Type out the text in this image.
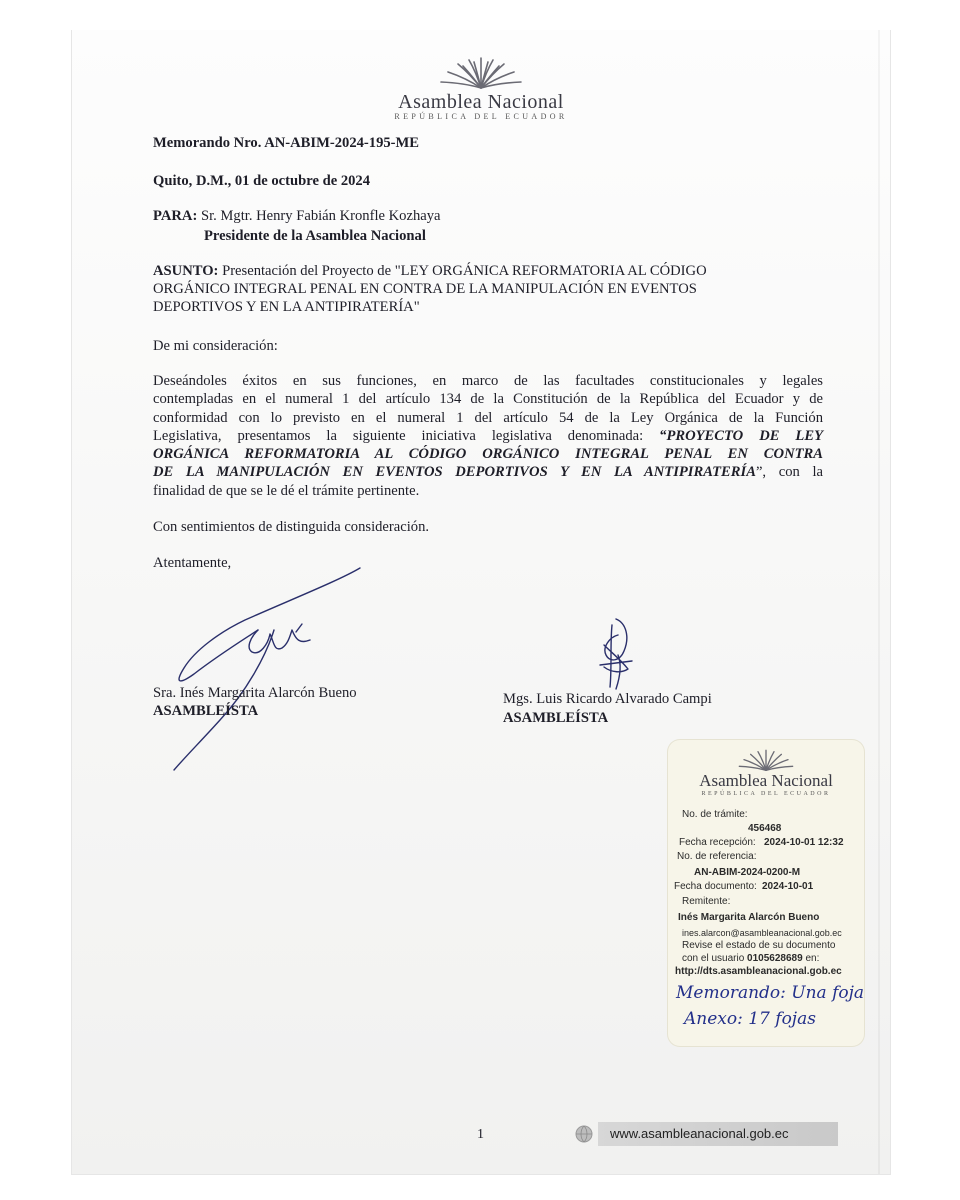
Asamblea Nacional
REPÚBLICA DEL ECUADOR
Memorando Nro. AN-ABIM-2024-195-ME
Quito, D.M., 01 de octubre de 2024
PARA: Sr. Mgtr. Henry Fabián Kronfle Kozhaya
Presidente de la Asamblea Nacional
ASUNTO: Presentación del Proyecto de "LEY ORGÁNICA REFORMATORIA AL CÓDIGO
ORGÁNICO INTEGRAL PENAL EN CONTRA DE LA MANIPULACIÓN EN EVENTOS
DEPORTIVOS Y EN LA ANTIPIRATERÍA"
De mi consideración:
Deseándoles éxitos en sus funciones, en marco de las facultades constitucionales y legales
contempladas en el numeral 1 del artículo 134 de la Constitución de la República del Ecuador y de
conformidad con lo previsto en el numeral 1 del artículo 54 de la Ley Orgánica de la Función
Legislativa, presentamos la siguiente iniciativa legislativa denominada: “PROYECTO DE LEY
ORGÁNICA REFORMATORIA AL CÓDIGO ORGÁNICO INTEGRAL PENAL EN CONTRA
DE LA MANIPULACIÓN EN EVENTOS DEPORTIVOS Y EN LA ANTIPIRATERÍA”, con la
finalidad de que se le dé el trámite pertinente.
Con sentimientos de distinguida consideración.
Atentamente,
Sra. Inés Margarita Alarcón Bueno
ASAMBLEÍSTA
Mgs. Luis Ricardo Alvarado Campi
ASAMBLEÍSTA
Asamblea Nacional
REPÚBLICA DEL ECUADOR
No. de trámite:
456468
Fecha recepción: 2024-10-01 12:32
No. de referencia:
AN-ABIM-2024-0200-M
Fecha documento: 2024-10-01
Remitente:
Inés Margarita Alarcón Bueno
ines.alarcon@asambleanacional.gob.ec
Revise el estado de su documento
con el usuario 0105628689 en:
http://dts.asambleanacional.gob.ec
Memorando: Una foja
Anexo: 17 fojas
1	www.asambleanacional.gob.ec
